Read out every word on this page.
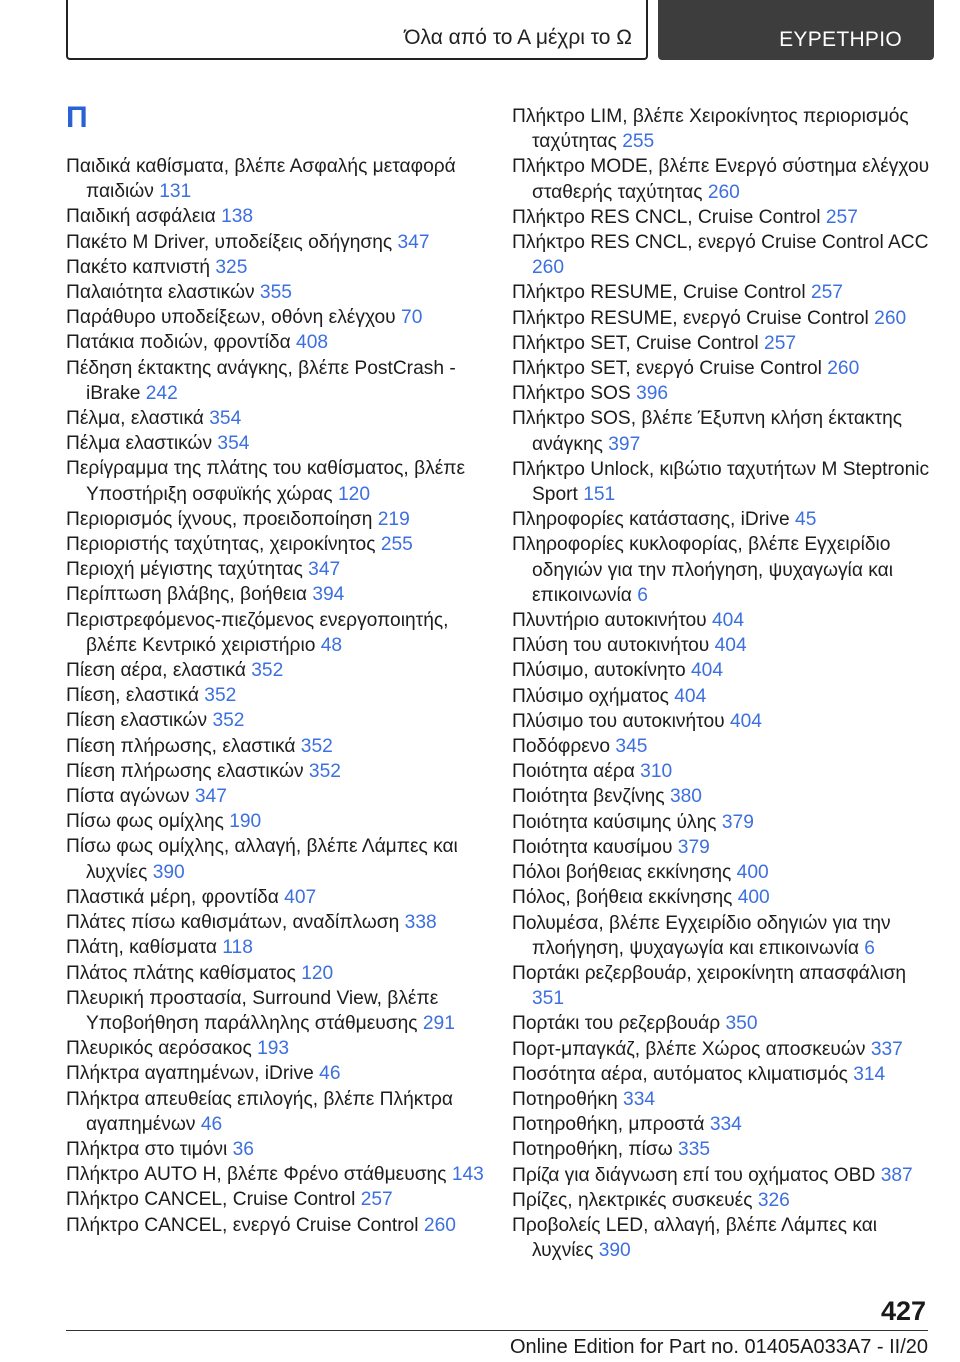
Όλα από το Α μέχρι το Ω	ΕΥΡΕΤΗΡΙΟ
Π
Παιδικά καθίσματα, βλέπε Ασφαλής μεταφορά παιδιών 131
Παιδική ασφάλεια 138
Πακέτο M Driver, υποδείξεις οδήγησης 347
Πακέτο καπνιστή 325
Παλαιότητα ελαστικών 355
Παράθυρο υποδείξεων, οθόνη ελέγχου 70
Πατάκια ποδιών, φροντίδα 408
Πέδηση έκτακτης ανάγκης, βλέπε PostCrash - iBrake 242
Πέλμα, ελαστικά 354
Πέλμα ελαστικών 354
Περίγραμμα της πλάτης του καθίσματος, βλέπε Υποστήριξη οσφυϊκής χώρας 120
Περιορισμός ίχνους, προειδοποίηση 219
Περιοριστής ταχύτητας, χειροκίνητος 255
Περιοχή μέγιστης ταχύτητας 347
Περίπτωση βλάβης, βοήθεια 394
Περιστρεφόμενος-πιεζόμενος ενεργοποιητής, βλέπε Κεντρικό χειριστήριο 48
Πίεση αέρα, ελαστικά 352
Πίεση, ελαστικά 352
Πίεση ελαστικών 352
Πίεση πλήρωσης, ελαστικά 352
Πίεση πλήρωσης ελαστικών 352
Πίστα αγώνων 347
Πίσω φως ομίχλης 190
Πίσω φως ομίχλης, αλλαγή, βλέπε Λάμπες και λυχνίες 390
Πλαστικά μέρη, φροντίδα 407
Πλάτες πίσω καθισμάτων, αναδίπλωση 338
Πλάτη, καθίσματα 118
Πλάτος πλάτης καθίσματος 120
Πλευρική προστασία, Surround View, βλέπε Υποβοήθηση παράλληλης στάθμευσης 291
Πλευρικός αερόσακος 193
Πλήκτρα αγαπημένων, iDrive 46
Πλήκτρα απευθείας επιλογής, βλέπε Πλήκτρα αγαπημένων 46
Πλήκτρα στο τιμόνι 36
Πλήκτρο AUTO H, βλέπε Φρένο στάθμευσης 143
Πλήκτρο CANCEL, Cruise Control 257
Πλήκτρο CANCEL, ενεργό Cruise Control 260
Πλήκτρο LIM, βλέπε Χειροκίνητος περιορισμός ταχύτητας 255
Πλήκτρο MODE, βλέπε Ενεργό σύστημα ελέγχου σταθερής ταχύτητας 260
Πλήκτρο RES CNCL, Cruise Control 257
Πλήκτρο RES CNCL, ενεργό Cruise Control ACC 260
Πλήκτρο RESUME, Cruise Control 257
Πλήκτρο RESUME, ενεργό Cruise Control 260
Πλήκτρο SET, Cruise Control 257
Πλήκτρο SET, ενεργό Cruise Control 260
Πλήκτρο SOS 396
Πλήκτρο SOS, βλέπε Έξυπνη κλήση έκτακτης ανάγκης 397
Πλήκτρο Unlock, κιβώτιο ταχυτήτων M Steptronic Sport 151
Πληροφορίες κατάστασης, iDrive 45
Πληροφορίες κυκλοφορίας, βλέπε Εγχειρίδιο οδηγιών για την πλοήγηση, ψυχαγωγία και επικοινωνία 6
Πλυντήριο αυτοκινήτου 404
Πλύση του αυτοκινήτου 404
Πλύσιμο, αυτοκίνητο 404
Πλύσιμο οχήματος 404
Πλύσιμο του αυτοκινήτου 404
Ποδόφρενο 345
Ποιότητα αέρα 310
Ποιότητα βενζίνης 380
Ποιότητα καύσιμης ύλης 379
Ποιότητα καυσίμου 379
Πόλοι βοήθειας εκκίνησης 400
Πόλος, βοήθεια εκκίνησης 400
Πολυμέσα, βλέπε Εγχειρίδιο οδηγιών για την πλοήγηση, ψυχαγωγία και επικοινωνία 6
Πορτάκι ρεζερβουάρ, χειροκίνητη απασφάλιση 351
Πορτάκι του ρεζερβουάρ 350
Πορτ-μπαγκάζ, βλέπε Χώρος αποσκευών 337
Ποσότητα αέρα, αυτόματος κλιματισμός 314
Ποτηροθήκη 334
Ποτηροθήκη, μπροστά 334
Ποτηροθήκη, πίσω 335
Πρίζα για διάγνωση επί του οχήματος OBD 387
Πρίζες, ηλεκτρικές συσκευές 326
Προβολείς LED, αλλαγή, βλέπε Λάμπες και λυχνίες 390
427
Online Edition for Part no. 01405A033A7 - II/20
